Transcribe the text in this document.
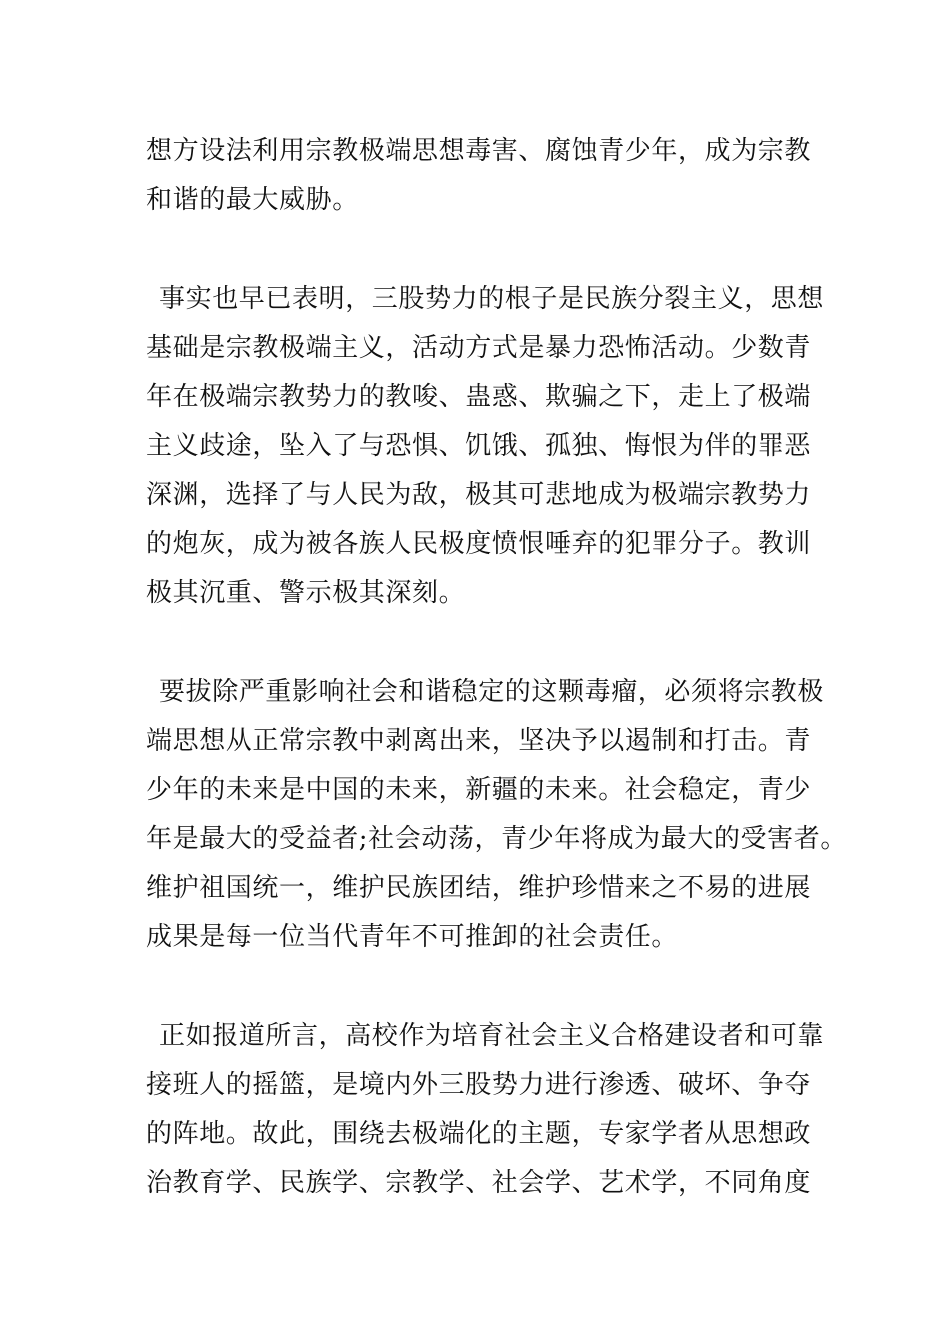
想方设法利用宗教极端思想毒害、腐蚀青少年，成为宗教
和谐的最大威胁。
事实也早已表明，三股势力的根子是民族分裂主义，思想
基础是宗教极端主义，活动方式是暴力恐怖活动。少数青
年在极端宗教势力的教唆、蛊惑、欺骗之下，走上了极端
主义歧途，坠入了与恐惧、饥饿、孤独、悔恨为伴的罪恶
深渊，选择了与人民为敌，极其可悲地成为极端宗教势力
的炮灰，成为被各族人民极度愤恨唾弃的犯罪分子。教训
极其沉重、警示极其深刻。
要拔除严重影响社会和谐稳定的这颗毒瘤，必须将宗教极
端思想从正常宗教中剥离出来，坚决予以遏制和打击。青
少年的未来是中国的未来，新疆的未来。社会稳定，青少
年是最大的受益者;社会动荡，青少年将成为最大的受害者。
维护祖国统一，维护民族团结，维护珍惜来之不易的进展
成果是每一位当代青年不可推卸的社会责任。
正如报道所言，高校作为培育社会主义合格建设者和可靠
接班人的摇篮，是境内外三股势力进行渗透、破坏、争夺
的阵地。故此，围绕去极端化的主题，专家学者从思想政
治教育学、民族学、宗教学、社会学、艺术学，不同角度
